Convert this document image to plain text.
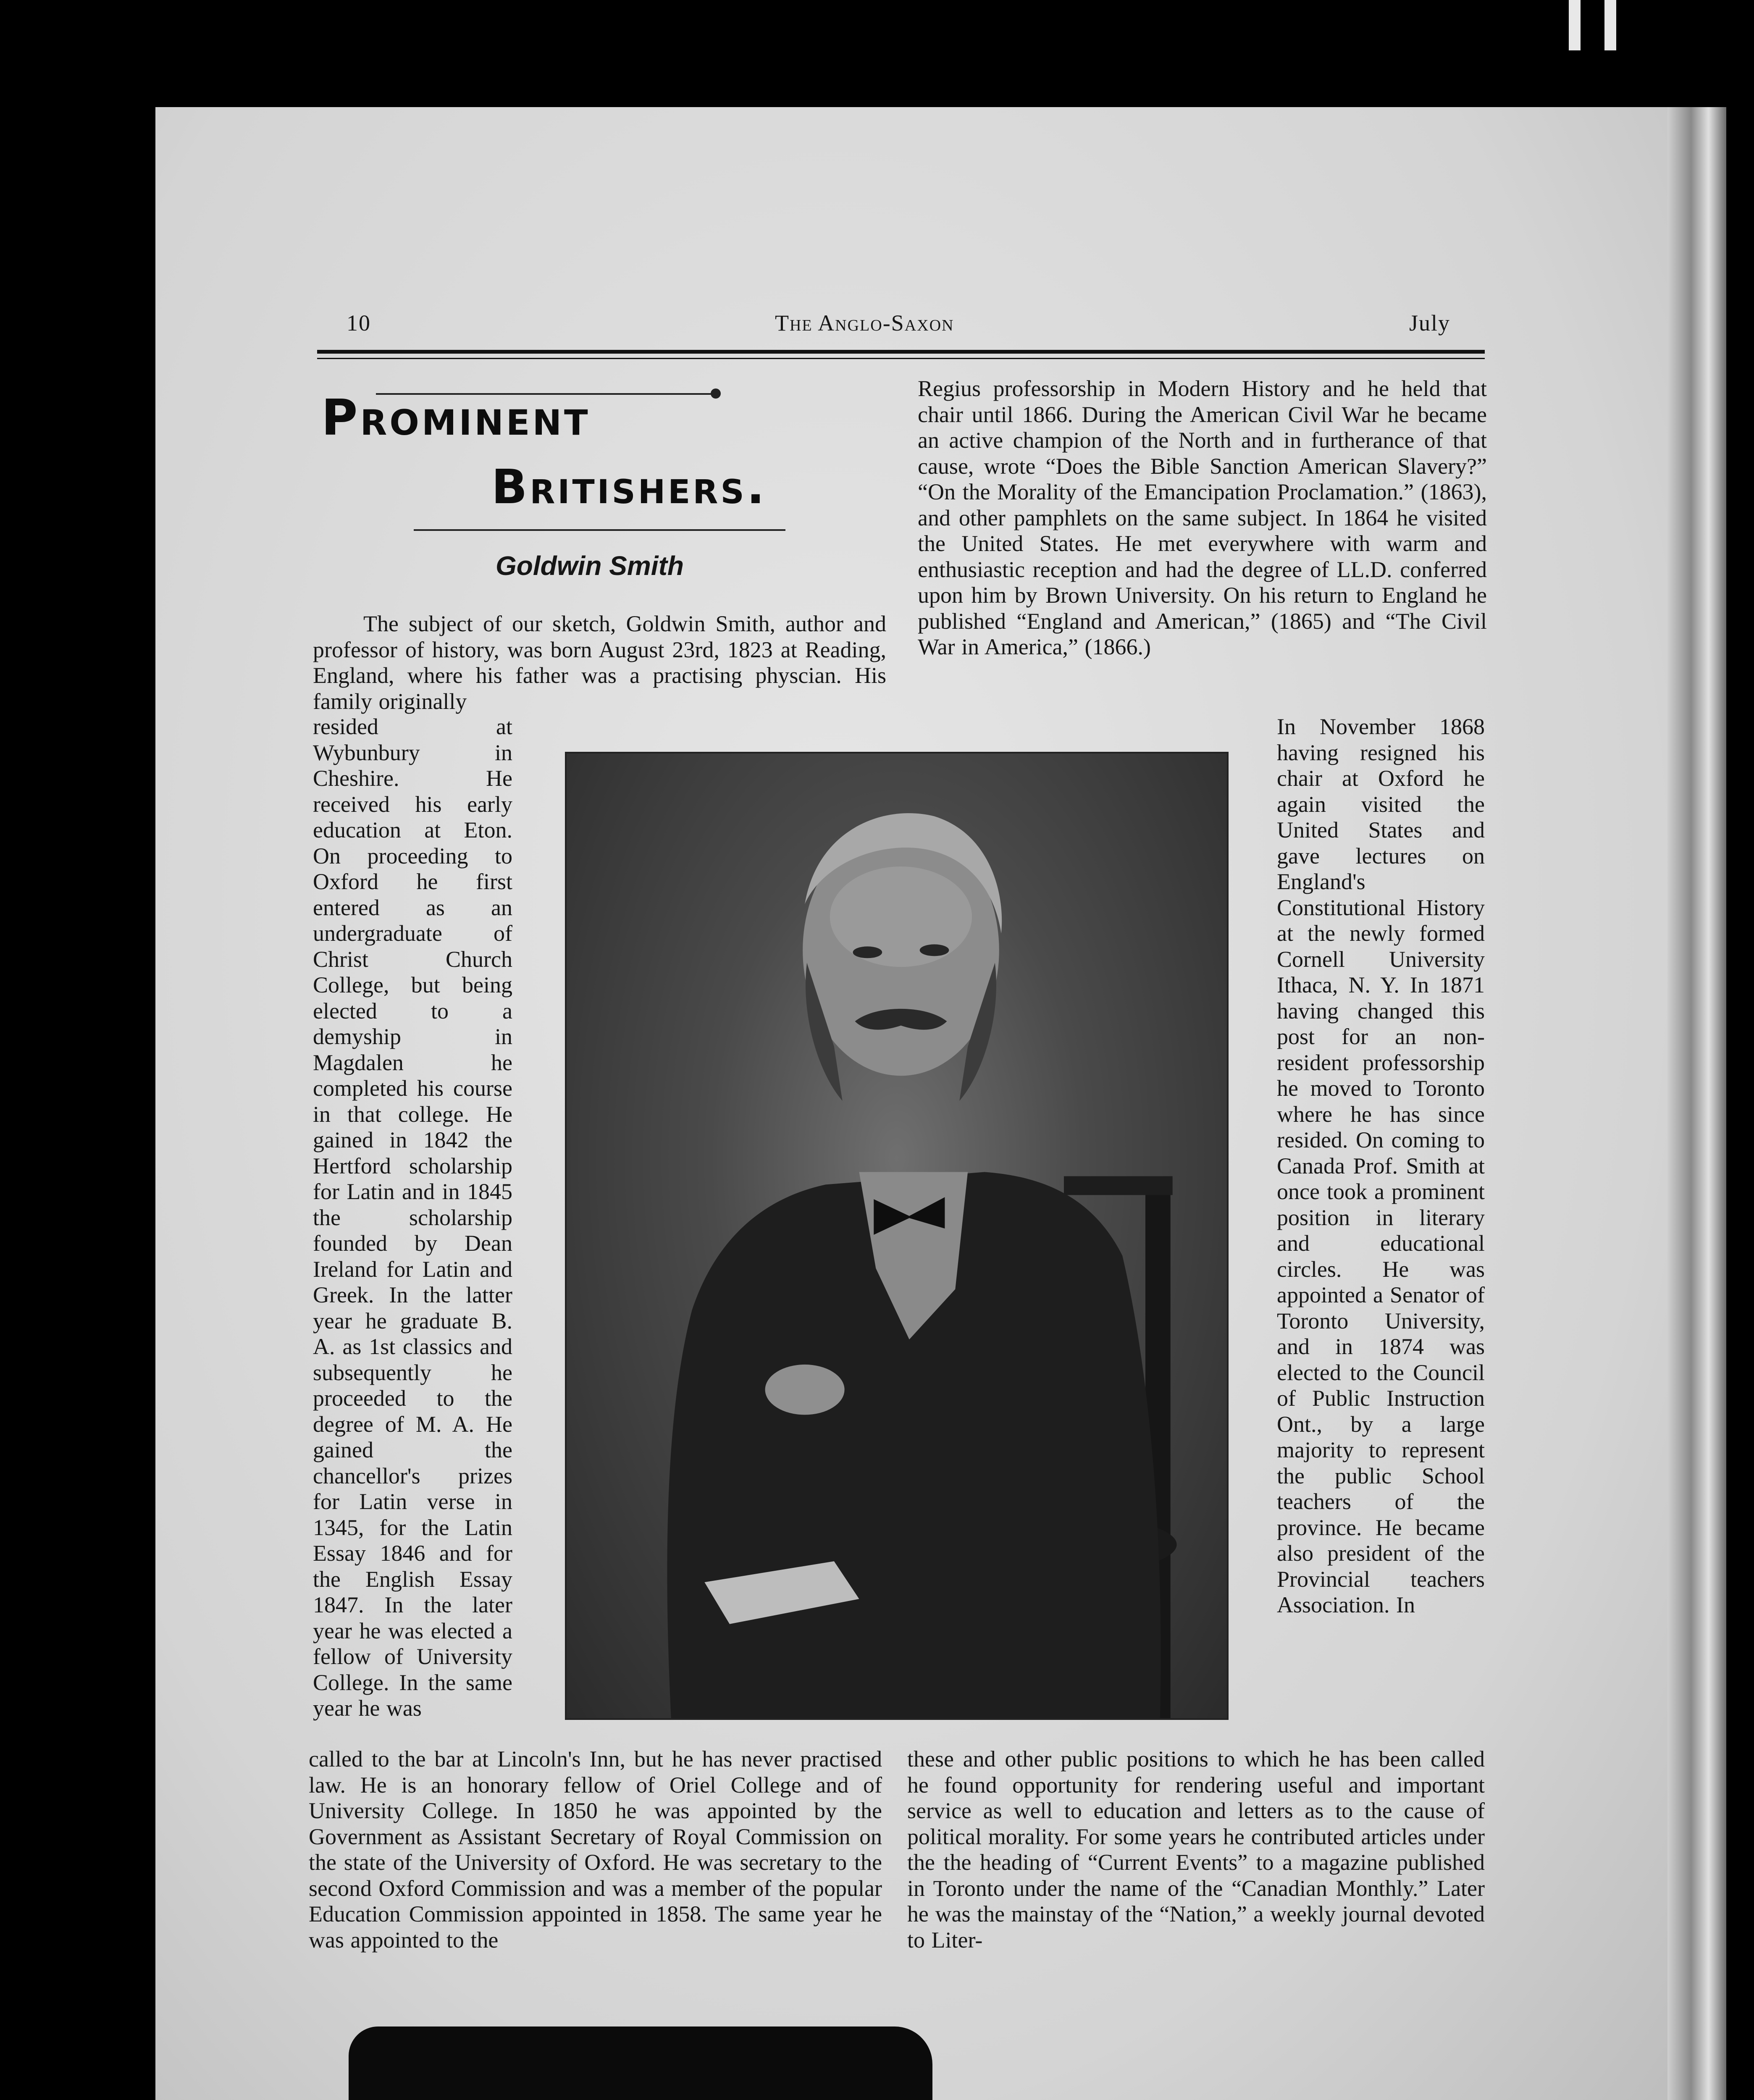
10	The Anglo-Saxon	July
Prominent
Britishers.
Goldwin Smith

The subject of our sketch, Goldwin Smith, author and professor of history, was born August 23rd, 1823 at Reading, England, where his father was a practising physcian. His family originally

resided at Wybunbury in Cheshire. He received his early education at Eton. On proceeding to Oxford he first entered as an undergraduate of Christ Church College, but being elected to a demyship in Magdalen he completed his course in that college. He gained in 1842 the Hertford scholarship for Latin and in 1845 the scholarship founded by Dean Ireland for Latin and Greek. In the latter year he graduate B. A. as 1st classics and subsequently he proceeded to the degree of M. A. He gained the chancellor's prizes for Latin verse in 1345, for the Latin Essay 1846 and for the English Essay 1847. In the later year he was elected a fellow of University College. In the same year he was

called to the bar at Lincoln's Inn, but he has never practised law. He is an honorary fellow of Oriel College and of University College. In 1850 he was appointed by the Government as Assistant Secretary of Royal Commission on the state of the University of Oxford. He was secretary to the second Oxford Commission and was a member of the popular Education Commission appointed in 1858. The same year he was appointed to the

Regius professorship in Modern History and he held that chair until 1866. During the American Civil War he became an active champion of the North and in furtherance of that cause, wrote “Does the Bible Sanction American Slavery?” “On the Morality of the Emancipation Proclamation.” (1863), and other pamphlets on the same subject. In 1864 he visited the United States. He met everywhere with warm and enthusiastic reception and had the degree of LL.D. conferred upon him by Brown University. On his return to England he published “England and American,” (1865) and “The Civil War in America,” (1866.)

In November 1868 having resigned his chair at Oxford he again visited the United States and gave lectures on England's Constitutional History at the newly formed Cornell University Ithaca, N. Y. In 1871 having changed this post for an non-resident professorship he moved to Toronto where he has since resided. On coming to Canada Prof. Smith at once took a prominent position in literary and educational circles. He was appointed a Senator of Toronto University, and in 1874 was elected to the Council of Public Instruction Ont., by a large majority to represent the public School teachers of the province. He became also president of the Provincial teachers Association. In

these and other public positions to which he has been called he found opportunity for rendering useful and important service as well to education and letters as to the cause of political morality. For some years he contributed articles under the the heading of “Current Events” to a magazine published in Toronto under the name of the “Canadian Monthly.” Later he was the mainstay of the “Nation,” a weekly journal devoted to Liter-
